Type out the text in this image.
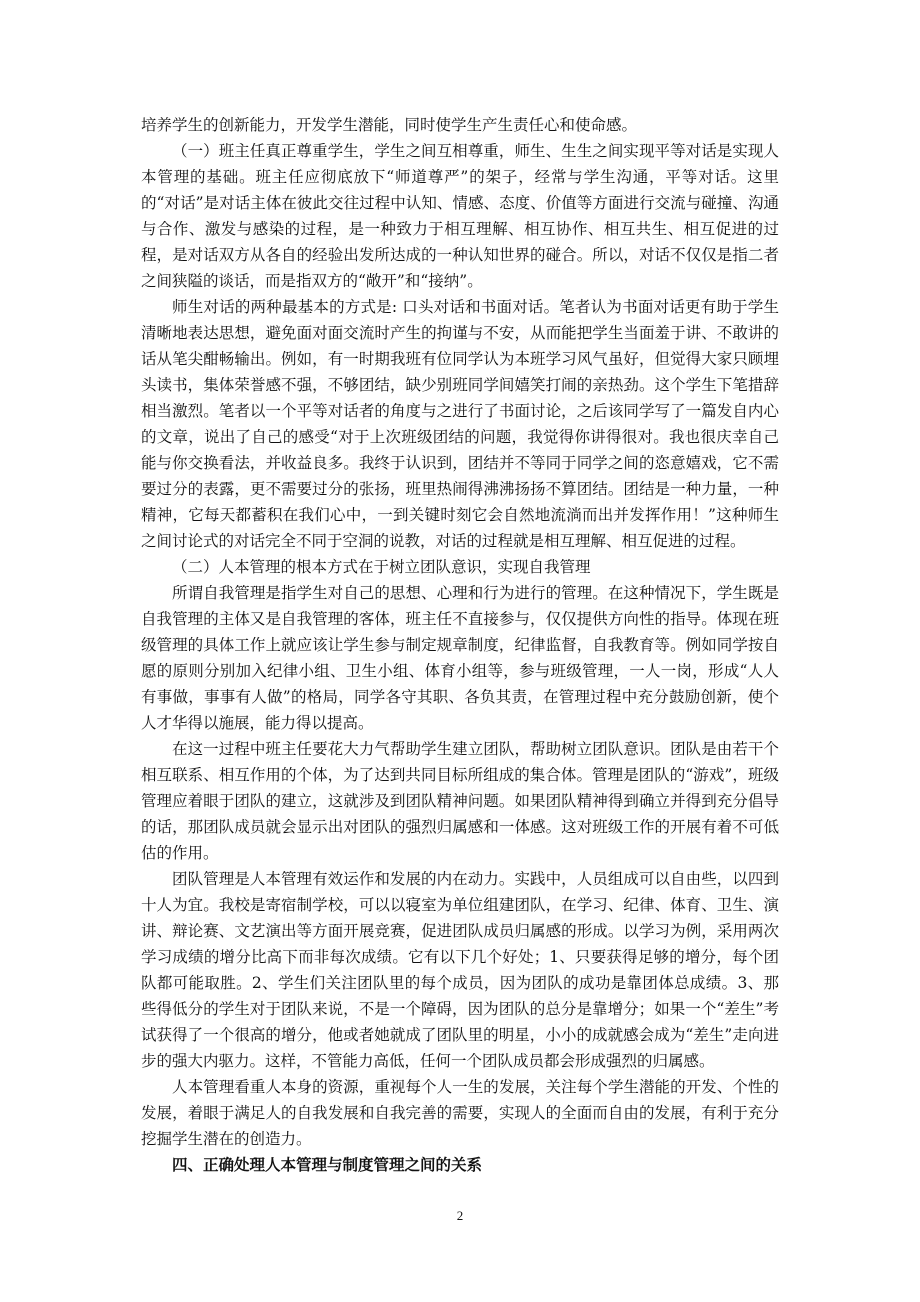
培养学生的创新能力，开发学生潜能，同时使学生产生责任心和使命感。

（一）班主任真正尊重学生，学生之间互相尊重，师生、生生之间实现平等对话是实现人本管理的基础。班主任应彻底放下“师道尊严”的架子，经常与学生沟通，平等对话。这里的“对话”是对话主体在彼此交往过程中认知、情感、态度、价值等方面进行交流与碰撞、沟通与合作、激发与感染的过程，是一种致力于相互理解、相互协作、相互共生、相互促进的过程，是对话双方从各自的经验出发所达成的一种认知世界的碰合。所以，对话不仅仅是指二者之间狭隘的谈话，而是指双方的“敞开”和“接纳”。

师生对话的两种最基本的方式是: 口头对话和书面对话。笔者认为书面对话更有助于学生清晰地表达思想，避免面对面交流时产生的拘谨与不安，从而能把学生当面羞于讲、不敢讲的话从笔尖酣畅输出。例如，有一时期我班有位同学认为本班学习风气虽好，但觉得大家只顾埋头读书，集体荣誉感不强，不够团结，缺少别班同学间嬉笑打闹的亲热劲。这个学生下笔措辞相当激烈。笔者以一个平等对话者的角度与之进行了书面讨论，之后该同学写了一篇发自内心的文章，说出了自己的感受“对于上次班级团结的问题，我觉得你讲得很对。我也很庆幸自己能与你交换看法，并收益良多。我终于认识到，团结并不等同于同学之间的恣意嬉戏，它不需要过分的表露，更不需要过分的张扬，班里热闹得沸沸扬扬不算团结。团结是一种力量，一种精神，它每天都蓄积在我们心中，一到关键时刻它会自然地流淌而出并发挥作用！”这种师生之间讨论式的对话完全不同于空洞的说教，对话的过程就是相互理解、相互促进的过程。

（二）人本管理的根本方式在于树立团队意识，实现自我管理

所谓自我管理是指学生对自己的思想、心理和行为进行的管理。在这种情况下，学生既是自我管理的主体又是自我管理的客体，班主任不直接参与，仅仅提供方向性的指导。体现在班级管理的具体工作上就应该让学生参与制定规章制度，纪律监督，自我教育等。例如同学按自愿的原则分别加入纪律小组、卫生小组、体育小组等，参与班级管理，一人一岗，形成“人人有事做，事事有人做”的格局，同学各守其职、各负其责，在管理过程中充分鼓励创新，使个人才华得以施展，能力得以提高。

在这一过程中班主任要花大力气帮助学生建立团队，帮助树立团队意识。团队是由若干个相互联系、相互作用的个体，为了达到共同目标所组成的集合体。管理是团队的“游戏”，班级管理应着眼于团队的建立，这就涉及到团队精神问题。如果团队精神得到确立并得到充分倡导的话，那团队成员就会显示出对团队的强烈归属感和一体感。这对班级工作的开展有着不可低估的作用。

团队管理是人本管理有效运作和发展的内在动力。实践中，人员组成可以自由些，以四到十人为宜。我校是寄宿制学校，可以以寝室为单位组建团队，在学习、纪律、体育、卫生、演讲、辩论赛、文艺演出等方面开展竞赛，促进团队成员归属感的形成。以学习为例，采用两次学习成绩的增分比高下而非每次成绩。它有以下几个好处；1、只要获得足够的增分，每个团队都可能取胜。2、学生们关注团队里的每个成员，因为团队的成功是靠团体总成绩。3、那些得低分的学生对于团队来说，不是一个障碍，因为团队的总分是靠增分；如果一个“差生”考试获得了一个很高的增分，他或者她就成了团队里的明星，小小的成就感会成为“差生”走向进步的强大内驱力。这样，不管能力高低，任何一个团队成员都会形成强烈的归属感。

人本管理看重人本身的资源，重视每个人一生的发展，关注每个学生潜能的开发、个性的发展，着眼于满足人的自我发展和自我完善的需要，实现人的全面而自由的发展，有利于充分挖掘学生潜在的创造力。

四、正确处理人本管理与制度管理之间的关系

2
